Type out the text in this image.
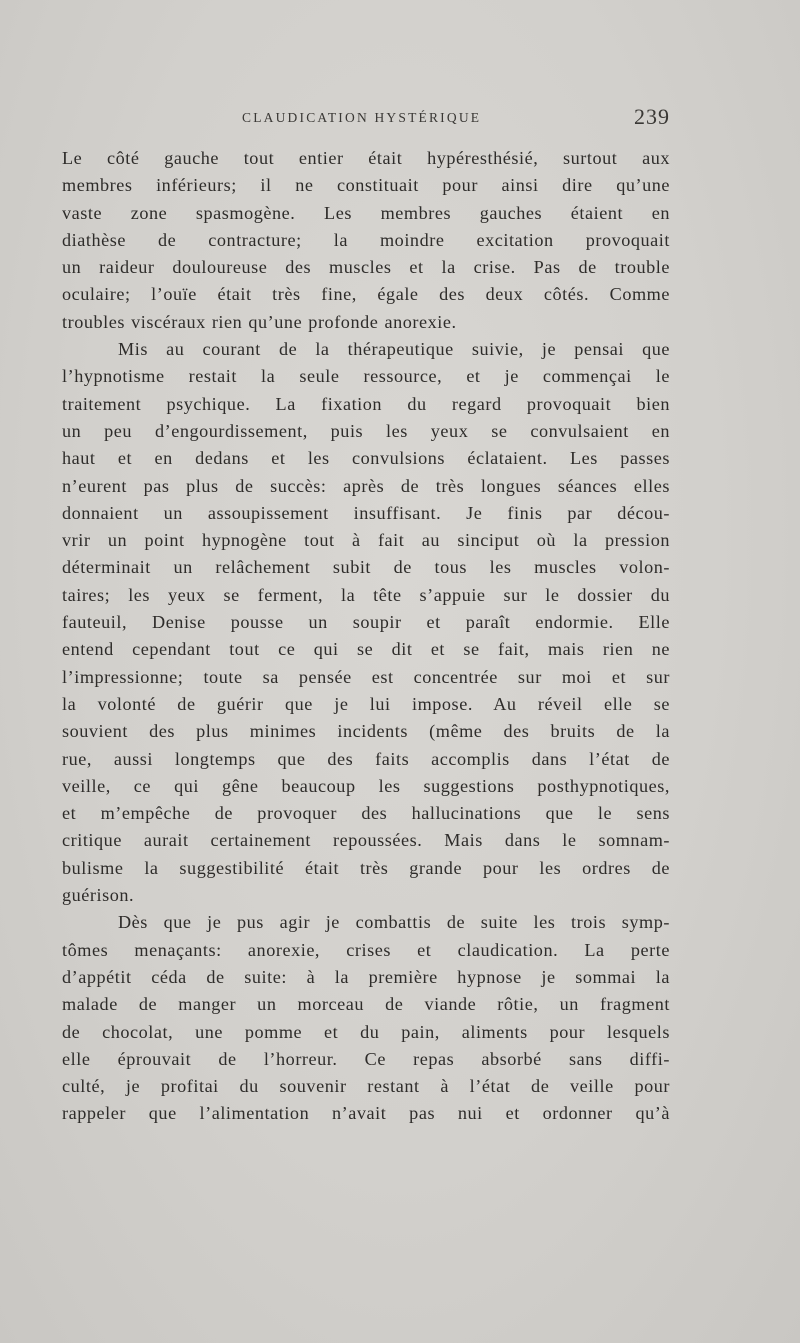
CLAUDICATION HYSTÉRIQUE	239
Le côté gauche tout entier était hypéresthésié, surtout aux
membres inférieurs; il ne constituait pour ainsi dire qu’une
vaste zone spasmogène. Les membres gauches étaient en
diathèse de contracture; la moindre excitation provoquait
un raideur douloureuse des muscles et la crise. Pas de trouble
oculaire; l’ouïe était très fine, égale des deux côtés. Comme
troubles viscéraux rien qu’une profonde anorexie.
Mis au courant de la thérapeutique suivie, je pensai que
l’hypnotisme restait la seule ressource, et je commençai le
traitement psychique. La fixation du regard provoquait bien
un peu d’engourdissement, puis les yeux se convulsaient en
haut et en dedans et les convulsions éclataient. Les passes
n’eurent pas plus de succès: après de très longues séances elles
donnaient un assoupissement insuffisant. Je finis par décou-
vrir un point hypnogène tout à fait au sinciput où la pression
déterminait un relâchement subit de tous les muscles volon-
taires; les yeux se ferment, la tête s’appuie sur le dossier du
fauteuil, Denise pousse un soupir et paraît endormie. Elle
entend cependant tout ce qui se dit et se fait, mais rien ne
l’impressionne; toute sa pensée est concentrée sur moi et sur
la volonté de guérir que je lui impose. Au réveil elle se
souvient des plus minimes incidents (même des bruits de la
rue, aussi longtemps que des faits accomplis dans l’état de
veille, ce qui gêne beaucoup les suggestions posthypnotiques,
et m’empêche de provoquer des hallucinations que le sens
critique aurait certainement repoussées. Mais dans le somnam-
bulisme la suggestibilité était très grande pour les ordres de
guérison.
Dès que je pus agir je combattis de suite les trois symp-
tômes menaçants: anorexie, crises et claudication. La perte
d’appétit céda de suite: à la première hypnose je sommai la
malade de manger un morceau de viande rôtie, un fragment
de chocolat, une pomme et du pain, aliments pour lesquels
elle éprouvait de l’horreur. Ce repas absorbé sans diffi-
culté, je profitai du souvenir restant à l’état de veille pour
rappeler que l’alimentation n’avait pas nui et ordonner qu’à
